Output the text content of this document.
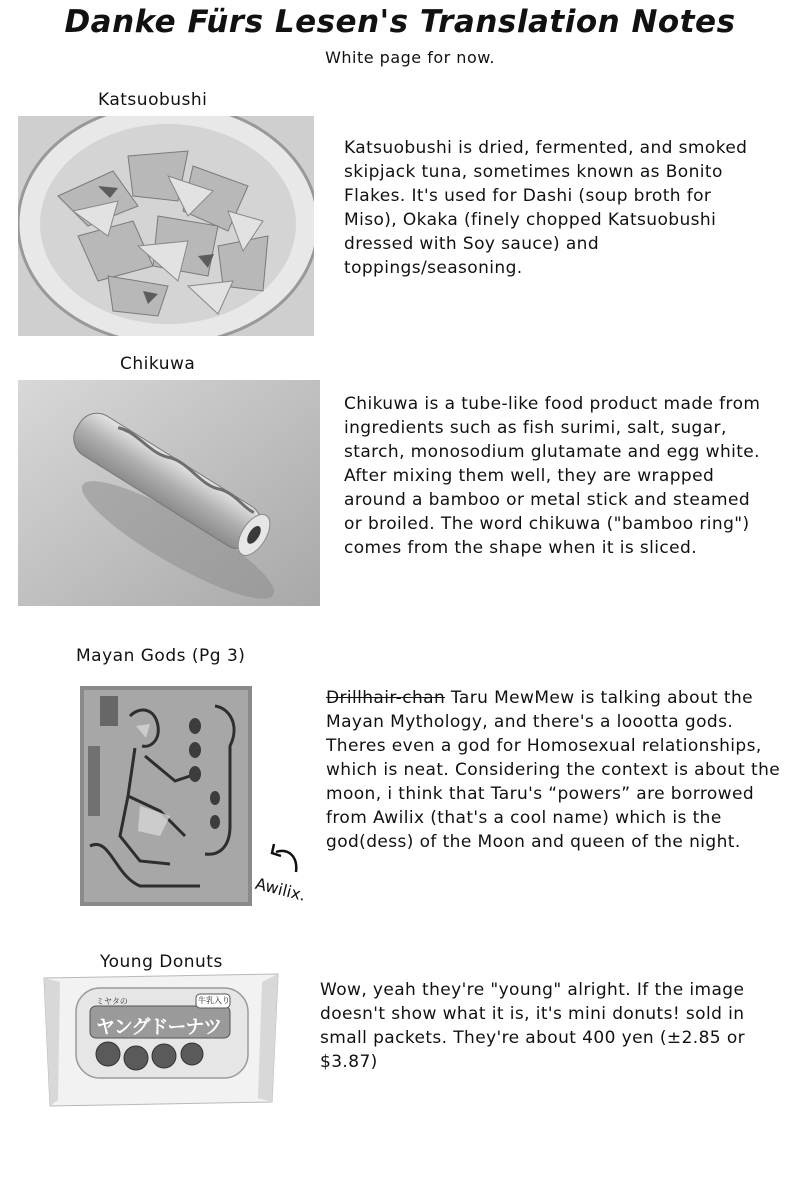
Danke Fürs Lesen's Translation Notes
White page for now.
Katsuobushi
Katsuobushi is dried, fermented, and smoked skipjack tuna, sometimes known as Bonito Flakes. It's used for Dashi (soup broth for Miso), Okaka (finely chopped Katsuobushi dressed with Soy sauce) and toppings/seasoning.
Chikuwa
Chikuwa is a tube-like food product made from ingredients such as fish surimi, salt, sugar, starch, monosodium glutamate and egg white. After mixing them well, they are wrapped around a bamboo or metal stick and steamed or broiled. The word chikuwa ("bamboo ring") comes from the shape when it is sliced.
Mayan Gods (Pg 3)
Drillhair-chan Taru MewMew is talking about the Mayan Mythology, and there's a loootta gods. Theres even a god for Homosexual relationships, which is neat. Considering the context is about the moon, i think that Taru's “powers” are borrowed from Awilix (that's a cool name) which is the god(dess) of the Moon and queen of the night.
Awilix.
Young Donuts
ヤングドーナツ
ミヤタの	牛乳入り
Wow, yeah they're "young" alright. If the image doesn't show what it is, it's mini donuts! sold in small packets. They're about 400 yen (±2.85 or $3.87)
